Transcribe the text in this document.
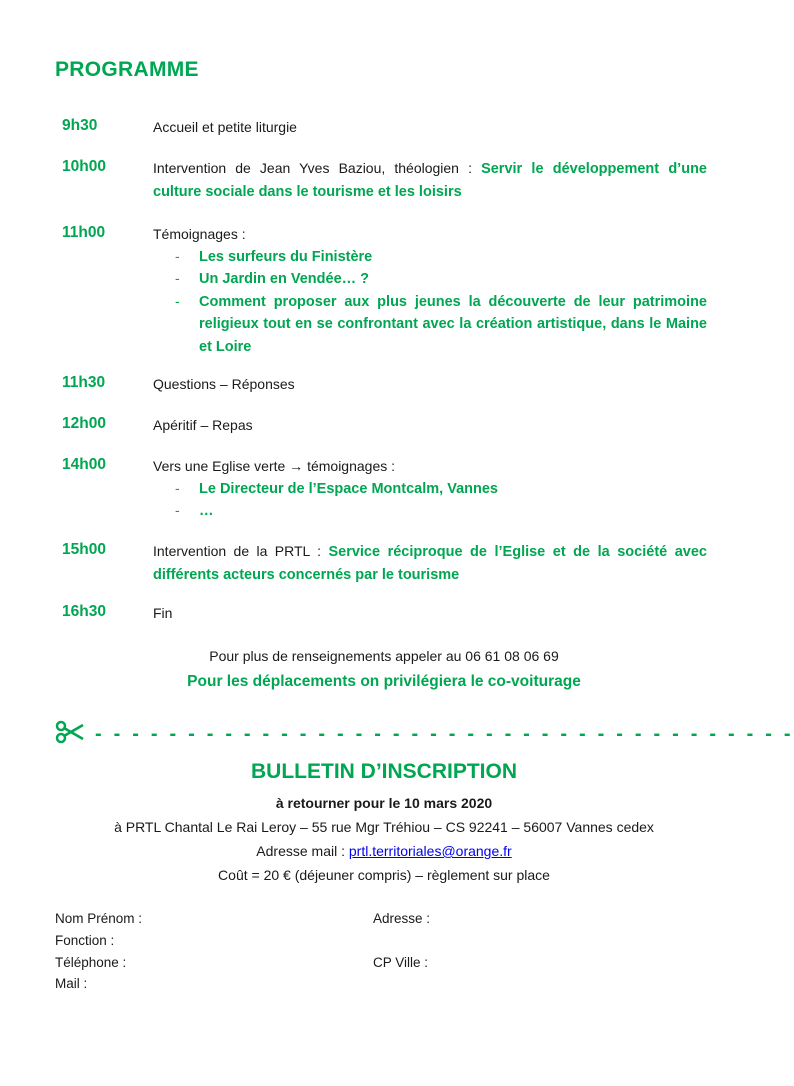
PROGRAMME
9h30	Accueil et petite liturgie
10h00	Intervention de Jean Yves Baziou, théologien : Servir le développement d’une culture sociale dans le tourisme et les loisirs
11h00	Témoignages :
- Les surfeurs du Finistère
- Un Jardin en Vendée… ?
- Comment proposer aux plus jeunes la découverte de leur patrimoine religieux tout en se confrontant avec la création artistique, dans le Maine et Loire
11h30	Questions – Réponses
12h00	Apéritif – Repas
14h00	Vers une Eglise verte → témoignages :
- Le Directeur de l’Espace Montcalm, Vannes
- …
15h00	Intervention de la PRTL : Service réciproque de l’Eglise et de la société avec différents acteurs concernés par le tourisme
16h30	Fin
Pour plus de renseignements appeler au 06 61 08 06 69
Pour les déplacements on privilégiera le co-voiturage
- - - - - - - - - - - - - - - - - - - - - - - - - - - - - - - - - - - - - -
BULLETIN D’INSCRIPTION
à retourner pour le 10 mars 2020
à PRTL Chantal Le Rai Leroy – 55 rue Mgr Tréhiou – CS 92241 – 56007 Vannes cedex
Adresse mail : prtl.territoriales@orange.fr
Coût = 20 € (déjeuner compris) – règlement sur place
Nom Prénom :	Adresse :
Fonction :
Téléphone :	CP Ville :
Mail :
